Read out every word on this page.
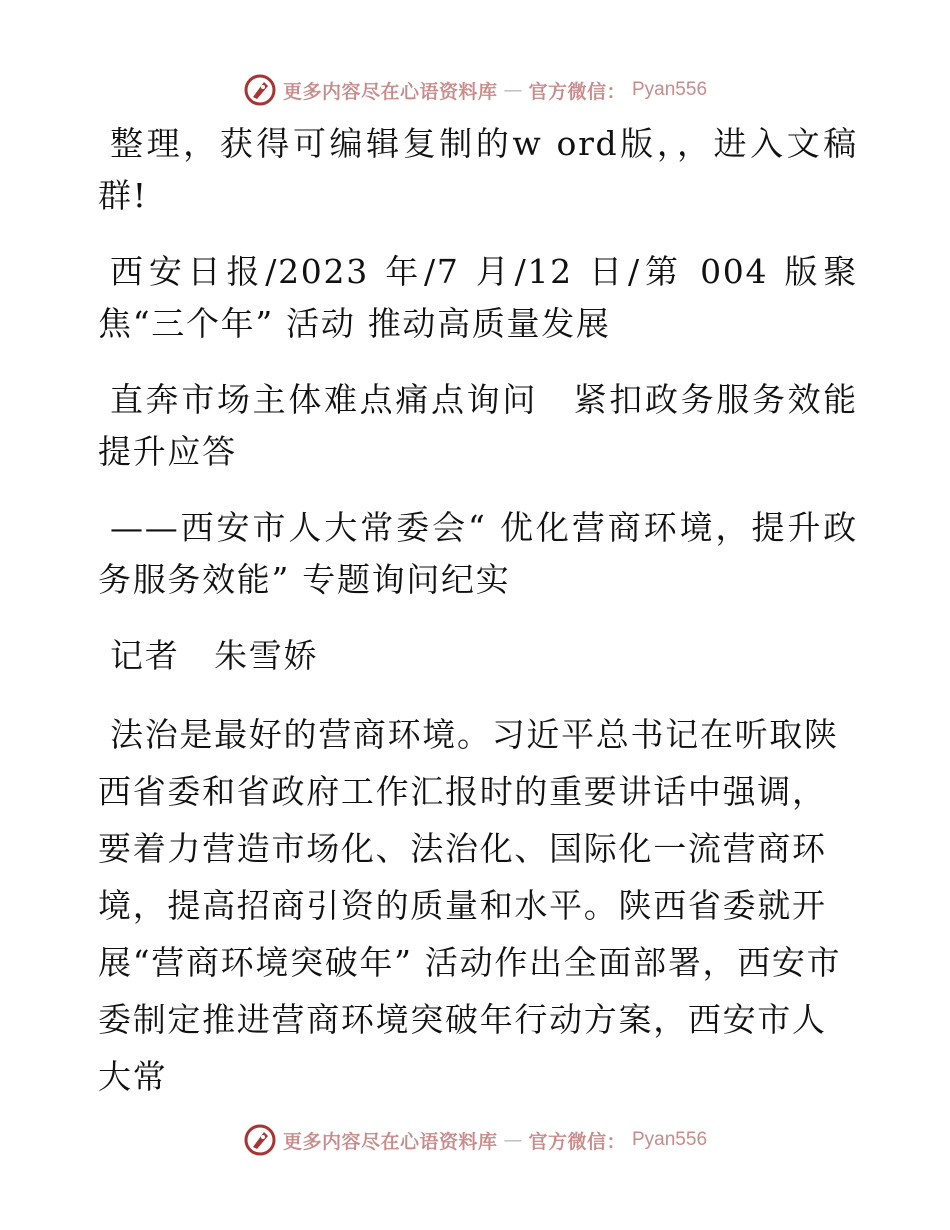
更多内容尽在心语资料库 — 官方微信： Pyan556

整理，获得可编辑复制的w ord版，，进入文稿群!

西安日报/2023 年/7 月/12 日/第 004 版聚焦“三个年” 活动 推动高质量发展

直奔市场主体难点痛点询问　紧扣政务服务效能提升应答

——西安市人大常委会“ 优化营商环境，提升政务服务效能” 专题询问纪实

记者　朱雪娇

法治是最好的营商环境。习近平总书记在听取陕西省委和省政府工作汇报时的重要讲话中强调，要着力营造市场化、法治化、国际化一流营商环境，提高招商引资的质量和水平。陕西省委就开展“营商环境突破年” 活动作出全面部署，西安市委制定推进营商环境突破年行动方案，西安市人大常

更多内容尽在心语资料库 — 官方微信： Pyan556
